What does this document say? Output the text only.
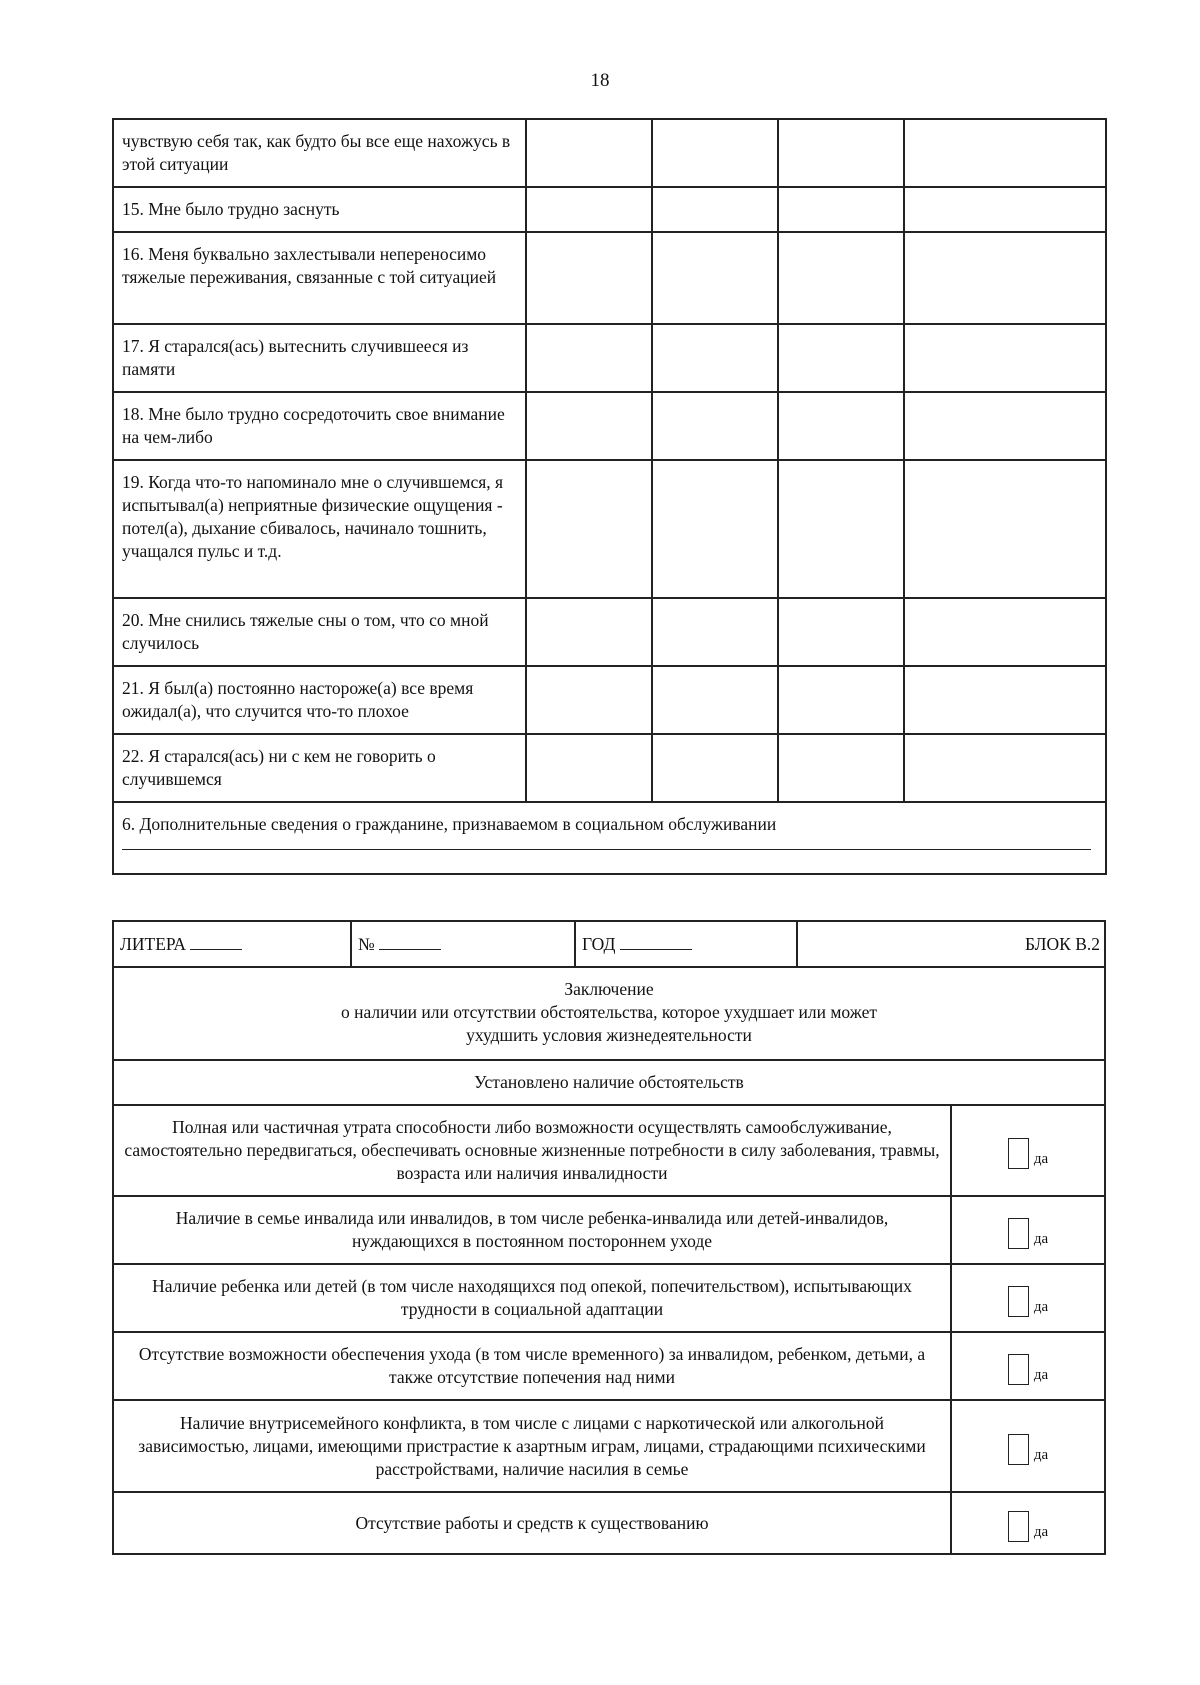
18
чувствую себя так, как будто бы все еще нахожусь в этой ситуации				
15. Мне было трудно заснуть				
16. Меня буквально захлестывали непереносимо тяжелые переживания, связанные с той ситуацией				
17. Я старался(ась) вытеснить случившееся из памяти				
18. Мне было трудно сосредоточить свое внимание на чем-либо				
19. Когда что-то напоминало мне о случившемся, я испытывал(а) неприятные физические ощущения - потел(а), дыхание сбивалось, начинало тошнить, учащался пульс и т.д.				
20. Мне снились тяжелые сны о том, что со мной случилось				
21. Я был(а) постоянно настороже(а) все время ожидал(а), что случится что-то плохое				
22. Я старался(ась) ни с кем не говорить о случившемся				

6. Дополнительные сведения о гражданине, признаваемом в социальном обслуживании				
ЛИТЕРА	№	ГОД	БЛОК В.2	

Заключение
о наличии или отсутствии обстоятельства, которое ухудшает или может
ухудшить условия жизнедеятельности				

Установлено наличие обстоятельств				
Полная или частичная утрата способности либо возможности осуществлять самообслуживание, самостоятельно передвигаться, обеспечивать основные жизненные потребности в силу заболевания, травмы, возраста или наличия инвалидности				да

Наличие в семье инвалида или инвалидов, в том числе ребенка-инвалида или детей-инвалидов, нуждающихся в постоянном постороннем уходе				да

Наличие ребенка или детей (в том числе находящихся под опекой, попечительством), испытывающих трудности в социальной адаптации				да

Отсутствие возможности обеспечения ухода (в том числе временного) за инвалидом, ребенком, детьми, а также отсутствие попечения над ними				да

Наличие внутрисемейного конфликта, в том числе с лицами с наркотической или алкогольной зависимостью, лицами, имеющими пристрастие к азартным играм, лицами, страдающими психическими расстройствами, наличие насилия в семье				да

Отсутствие работы и средств к существованию				да
